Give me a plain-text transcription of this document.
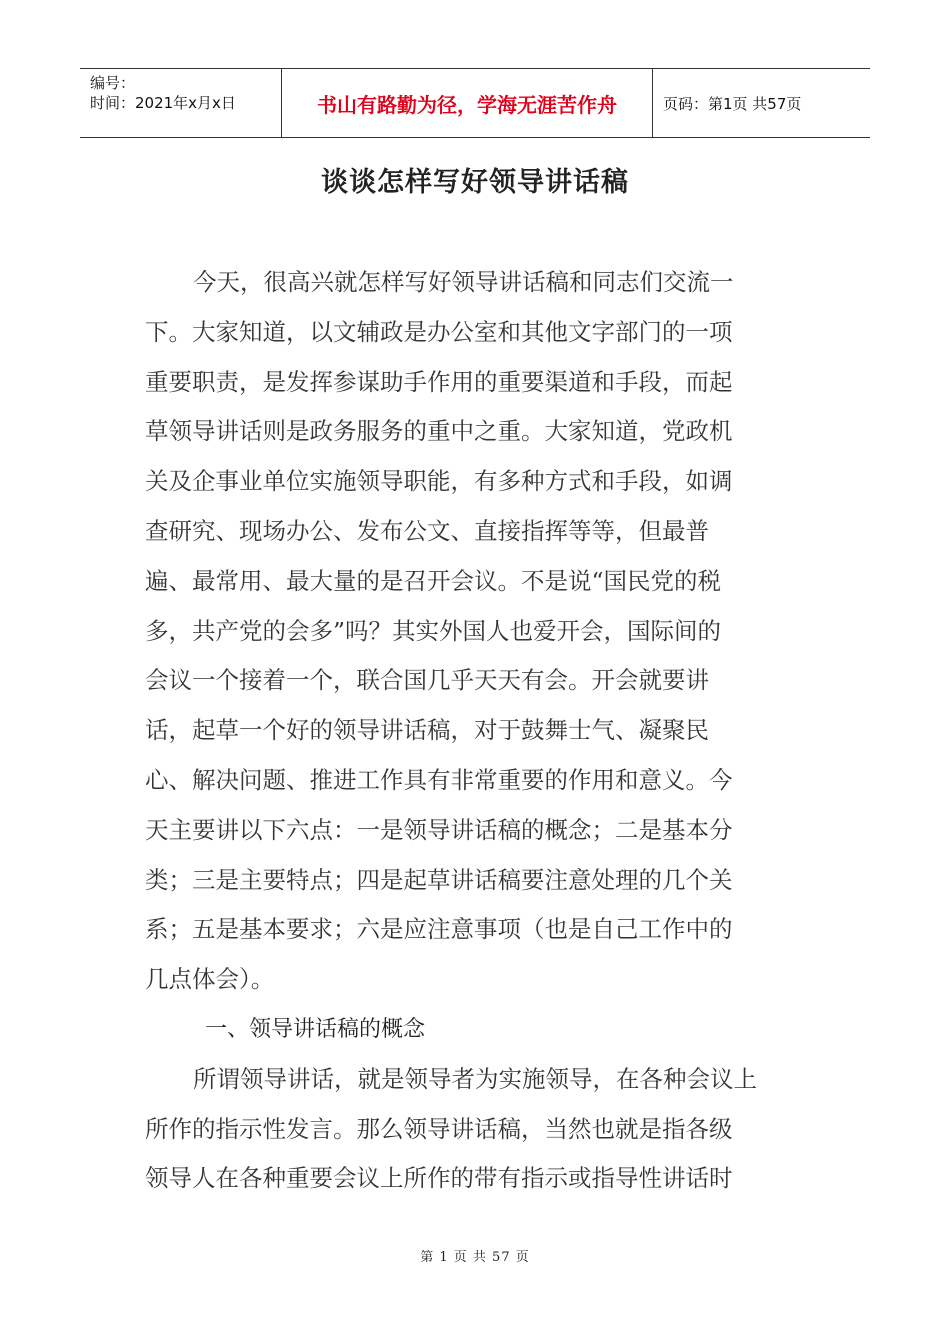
编号：
时间：2021年x月x日	书山有路勤为径，学海无涯苦作舟	页码：第1页 共57页
谈谈怎样写好领导讲话稿
今天，很高兴就怎样写好领导讲话稿和同志们交流一
下。大家知道，以文辅政是办公室和其他文字部门的一项
重要职责，是发挥参谋助手作用的重要渠道和手段，而起
草领导讲话则是政务服务的重中之重。大家知道，党政机
关及企事业单位实施领导职能，有多种方式和手段，如调
查研究、现场办公、发布公文、直接指挥等等，但最普
遍、最常用、最大量的是召开会议。不是说“国民党的税
多，共产党的会多”吗？其实外国人也爱开会，国际间的
会议一个接着一个，联合国几乎天天有会。开会就要讲
话，起草一个好的领导讲话稿，对于鼓舞士气、凝聚民
心、解决问题、推进工作具有非常重要的作用和意义。今
天主要讲以下六点：一是领导讲话稿的概念；二是基本分
类；三是主要特点；四是起草讲话稿要注意处理的几个关
系；五是基本要求；六是应注意事项（也是自己工作中的
几点体会）。
一、领导讲话稿的概念
所谓领导讲话，就是领导者为实施领导，在各种会议上
所作的指示性发言。那么领导讲话稿，当然也就是指各级
领导人在各种重要会议上所作的带有指示或指导性讲话时
第 1 页 共 57 页
